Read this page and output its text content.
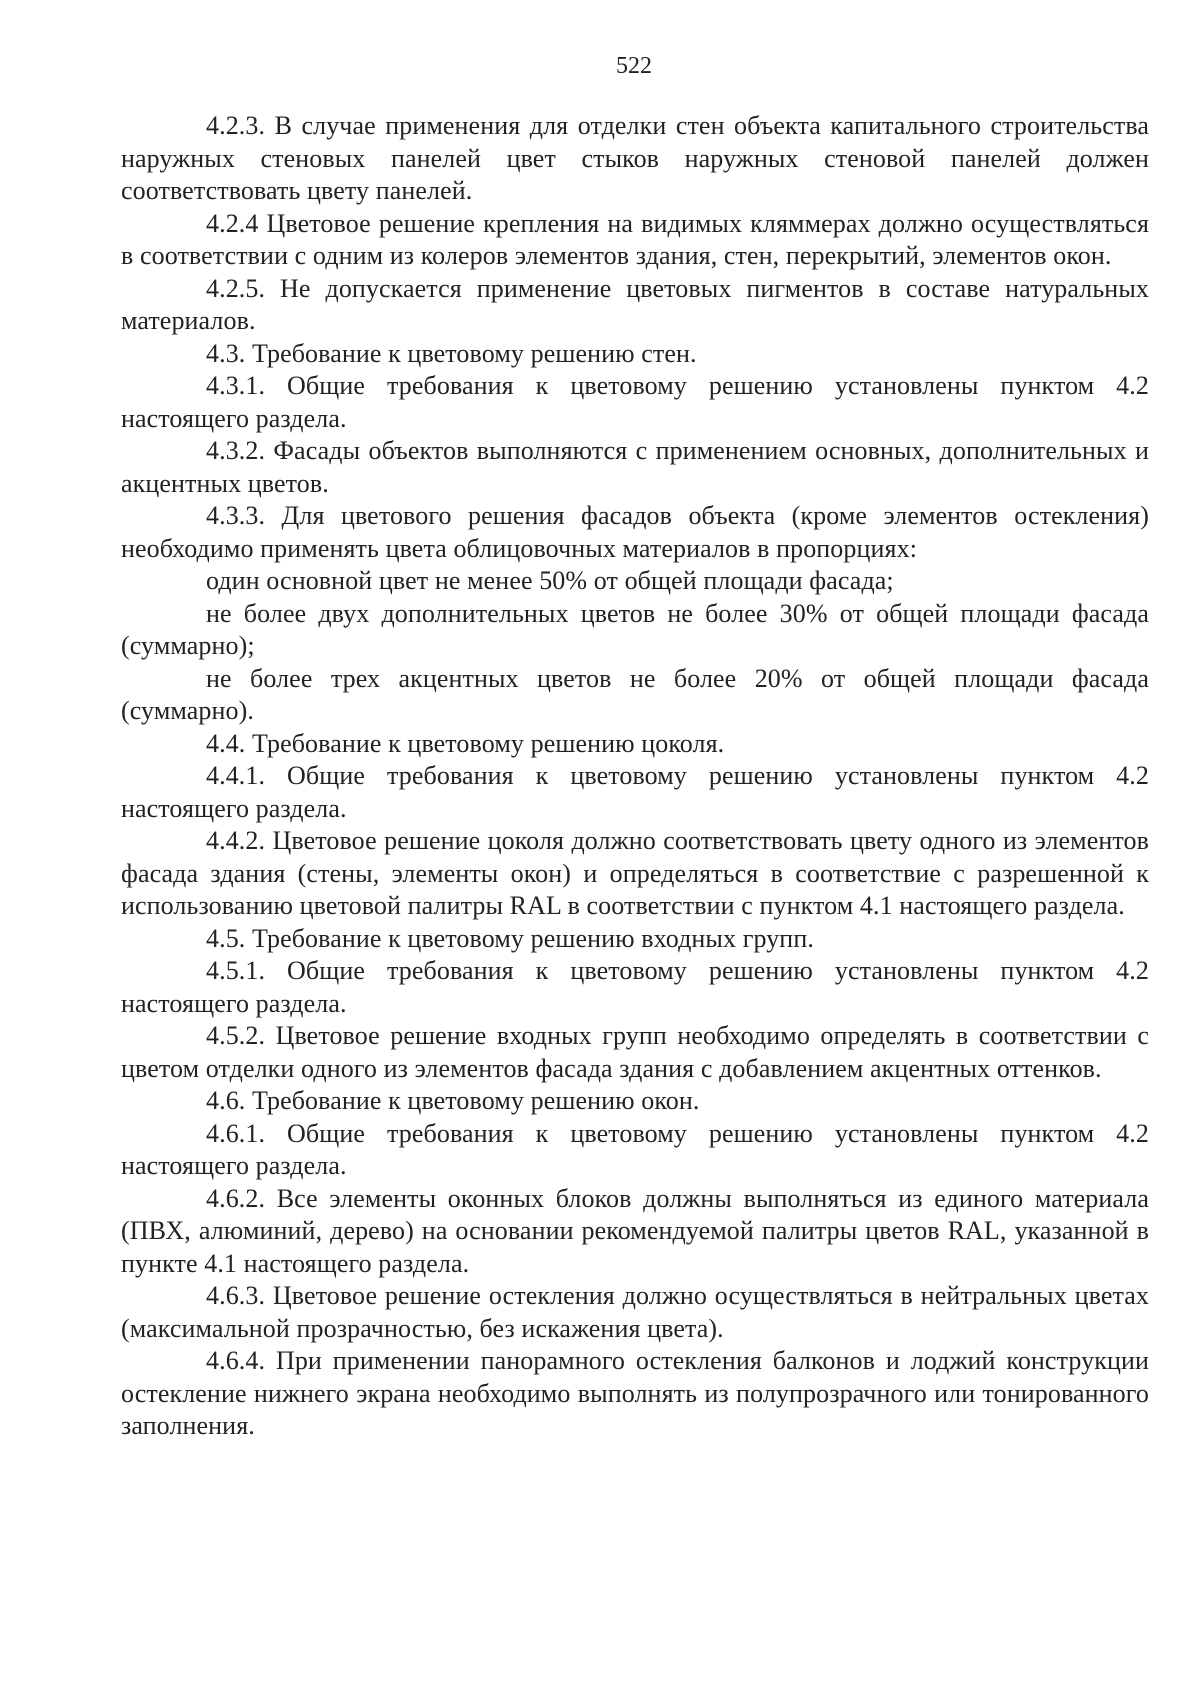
522

4.2.3. В случае применения для отделки стен объекта капитального строительства наружных стеновых панелей цвет стыков наружных стеновой панелей должен соответствовать цвету панелей.

4.2.4 Цветовое решение крепления на видимых кляммерах должно осуществляться в соответствии с одним из колеров элементов здания, стен, перекрытий, элементов окон.

4.2.5. Не допускается применение цветовых пигментов в составе натуральных материалов.

4.3. Требование к цветовому решению стен.

4.3.1. Общие требования к цветовому решению установлены пунктом 4.2 настоящего раздела.

4.3.2. Фасады объектов выполняются с применением основных, дополнительных и акцентных цветов.

4.3.3. Для цветового решения фасадов объекта (кроме элементов остекления) необходимо применять цвета облицовочных материалов в пропорциях:

один основной цвет не менее 50% от общей площади фасада;

не более двух дополнительных цветов не более 30% от общей площади фасада (суммарно);

не более трех акцентных цветов не более 20% от общей площади фасада (суммарно).

4.4. Требование к цветовому решению цоколя.

4.4.1. Общие требования к цветовому решению установлены пунктом 4.2 настоящего раздела.

4.4.2. Цветовое решение цоколя должно соответствовать цвету одного из элементов фасада здания (стены, элементы окон) и определяться в соответствие с разрешенной к использованию цветовой палитры RAL в соответствии с пунктом 4.1 настоящего раздела.

4.5. Требование к цветовому решению входных групп.

4.5.1. Общие требования к цветовому решению установлены пунктом 4.2 настоящего раздела.

4.5.2. Цветовое решение входных групп необходимо определять в соответствии с цветом отделки одного из элементов фасада здания с добавлением акцентных оттенков.

4.6. Требование к цветовому решению окон.

4.6.1. Общие требования к цветовому решению установлены пунктом 4.2 настоящего раздела.

4.6.2. Все элементы оконных блоков должны выполняться из единого материала (ПВХ, алюминий, дерево) на основании рекомендуемой палитры цветов RAL, указанной в пункте 4.1 настоящего раздела.

4.6.3. Цветовое решение остекления должно осуществляться в нейтральных цветах (максимальной прозрачностью, без искажения цвета).

4.6.4. При применении панорамного остекления балконов и лоджий конструкции остекление нижнего экрана необходимо выполнять из полупрозрачного или тонированного заполнения.
